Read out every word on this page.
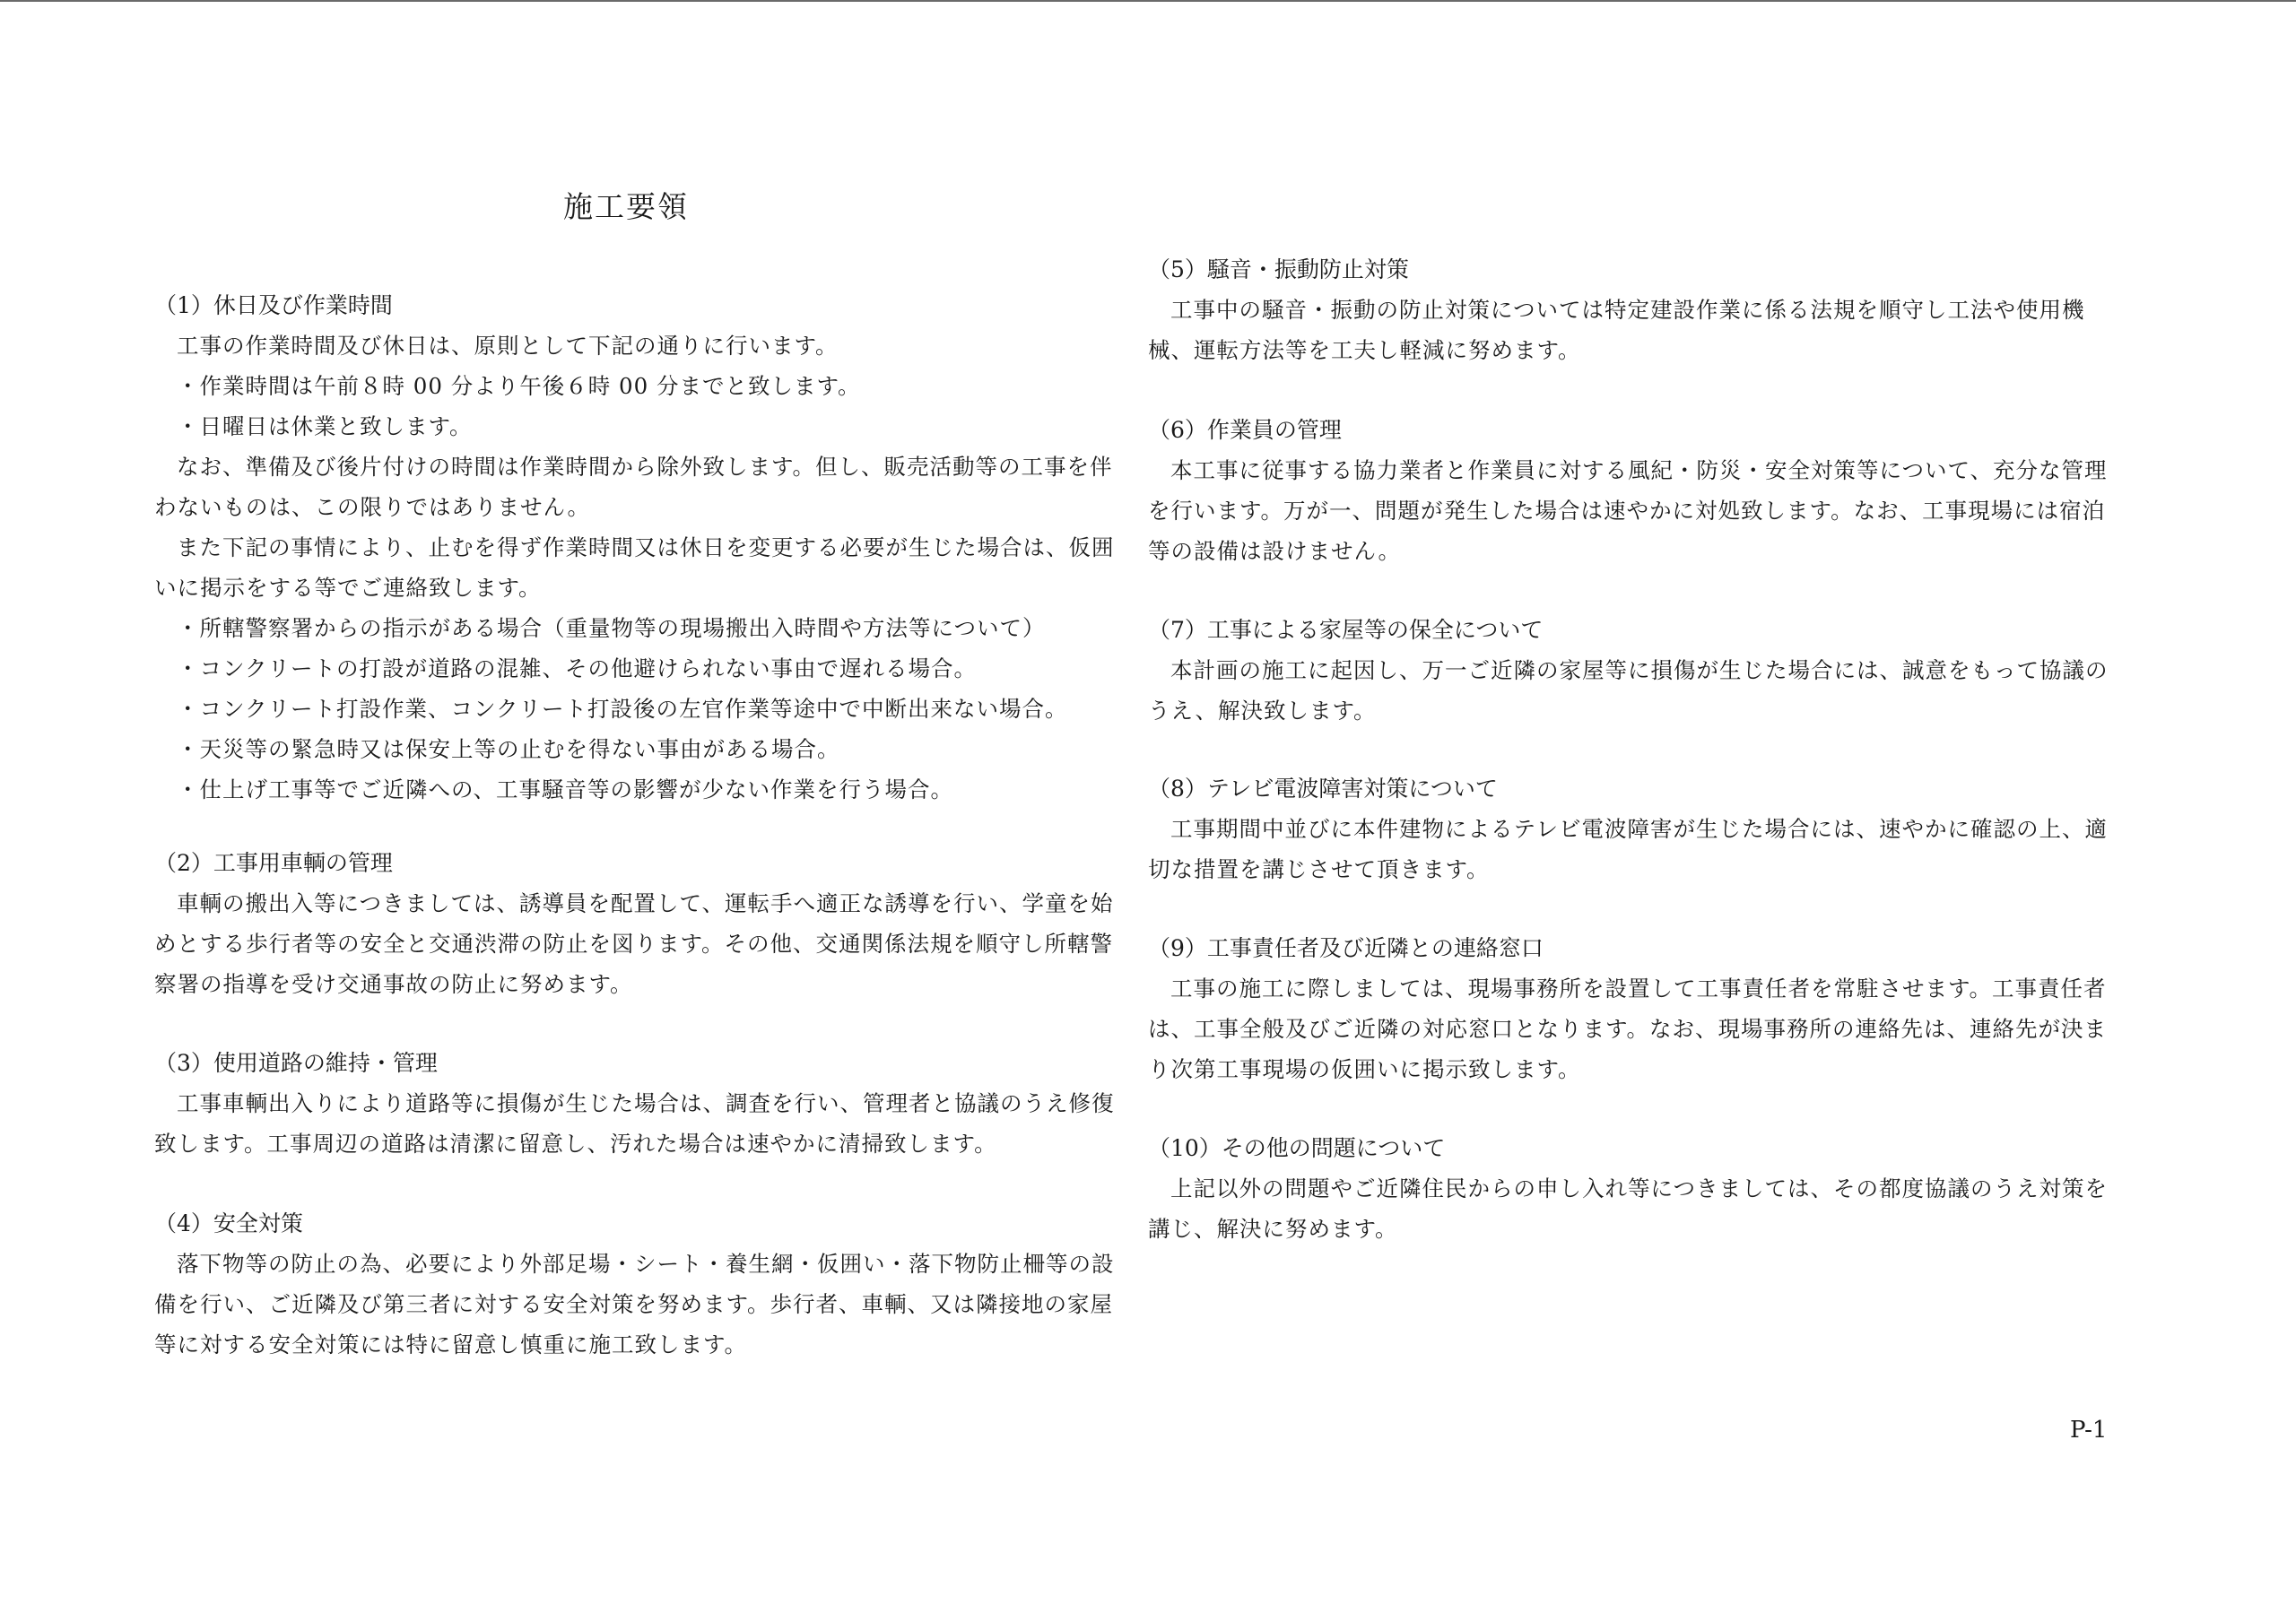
施工要領
（1）休日及び作業時間
工事の作業時間及び休日は、原則として下記の通りに行います。
・作業時間は午前８時 00 分より午後６時 00 分までと致します。
・日曜日は休業と致します。
なお、準備及び後片付けの時間は作業時間から除外致します。但し、販売活動等の工事を伴わないものは、この限りではありません。
また下記の事情により、止むを得ず作業時間又は休日を変更する必要が生じた場合は、仮囲いに掲示をする等でご連絡致します。
・所轄警察署からの指示がある場合（重量物等の現場搬出入時間や方法等について）
・コンクリートの打設が道路の混雑、その他避けられない事由で遅れる場合。
・コンクリート打設作業、コンクリート打設後の左官作業等途中で中断出来ない場合。
・天災等の緊急時又は保安上等の止むを得ない事由がある場合。
・仕上げ工事等でご近隣への、工事騒音等の影響が少ない作業を行う場合。
（2）工事用車輌の管理
車輌の搬出入等につきましては、誘導員を配置して、運転手へ適正な誘導を行い、学童を始めとする歩行者等の安全と交通渋滞の防止を図ります。その他、交通関係法規を順守し所轄警察署の指導を受け交通事故の防止に努めます。
（3）使用道路の維持・管理
工事車輌出入りにより道路等に損傷が生じた場合は、調査を行い、管理者と協議のうえ修復致します。工事周辺の道路は清潔に留意し、汚れた場合は速やかに清掃致します。
（4）安全対策
落下物等の防止の為、必要により外部足場・シート・養生網・仮囲い・落下物防止柵等の設備を行い、ご近隣及び第三者に対する安全対策を努めます。歩行者、車輌、又は隣接地の家屋等に対する安全対策には特に留意し慎重に施工致します。
（5）騒音・振動防止対策
工事中の騒音・振動の防止対策については特定建設作業に係る法規を順守し工法や使用機械、運転方法等を工夫し軽減に努めます。
（6）作業員の管理
本工事に従事する協力業者と作業員に対する風紀・防災・安全対策等について、充分な管理を行います。万が一、問題が発生した場合は速やかに対処致します。なお、工事現場には宿泊等の設備は設けません。
（7）工事による家屋等の保全について
本計画の施工に起因し、万一ご近隣の家屋等に損傷が生じた場合には、誠意をもって協議のうえ、解決致します。
（8）テレビ電波障害対策について
工事期間中並びに本件建物によるテレビ電波障害が生じた場合には、速やかに確認の上、適切な措置を講じさせて頂きます。
（9）工事責任者及び近隣との連絡窓口
工事の施工に際しましては、現場事務所を設置して工事責任者を常駐させます。工事責任者は、工事全般及びご近隣の対応窓口となります。なお、現場事務所の連絡先は、連絡先が決まり次第工事現場の仮囲いに掲示致します。
（10）その他の問題について
上記以外の問題やご近隣住民からの申し入れ等につきましては、その都度協議のうえ対策を講じ、解決に努めます。
P-1
